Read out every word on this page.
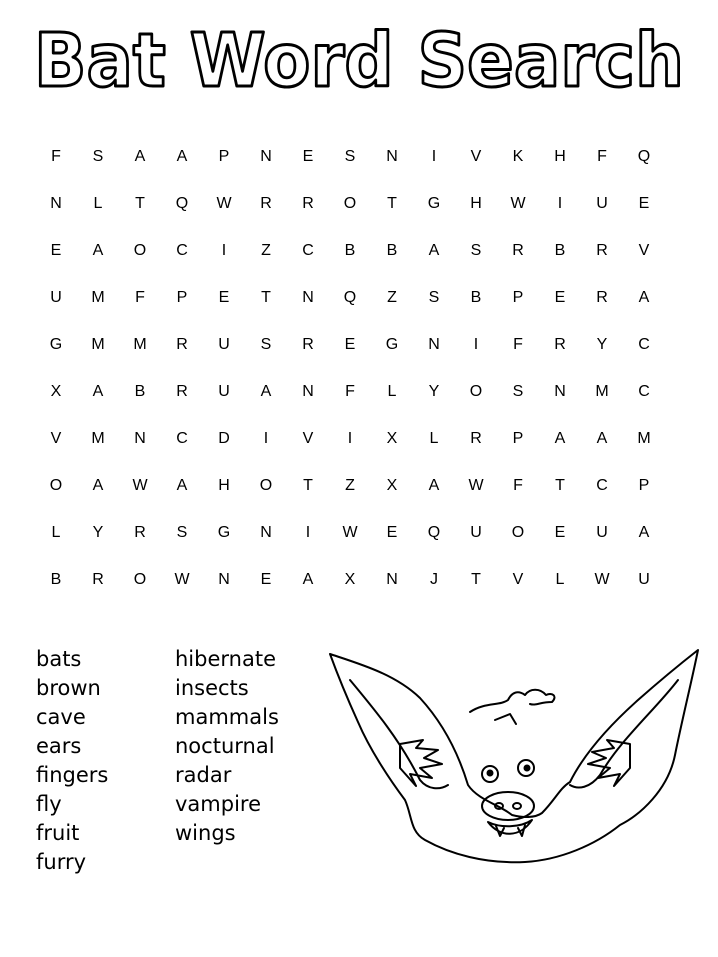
Bat Word Search
F	S	A	A	P	N	E	S	N	I	V	K	H	F	Q
N	L	T	Q	W	R	R	O	T	G	H	W	I	U	E
E	A	O	C	I	Z	C	B	B	A	S	R	B	R	V
U	M	F	P	E	T	N	Q	Z	S	B	P	E	R	A
G	M	M	R	U	S	R	E	G	N	I	F	R	Y	C
X	A	B	R	U	A	N	F	L	Y	O	S	N	M	C
V	M	N	C	D	I	V	I	X	L	R	P	A	A	M
O	A	W	A	H	O	T	Z	X	A	W	F	T	C	P
L	Y	R	S	G	N	I	W	E	Q	U	O	E	U	A
B	R	O	W	N	E	A	X	N	J	T	V	L	W	U
bats
brown
cave
ears
fingers
fly
fruit
furry
hibernate
insects
mammals
nocturnal
radar
vampire
wings
